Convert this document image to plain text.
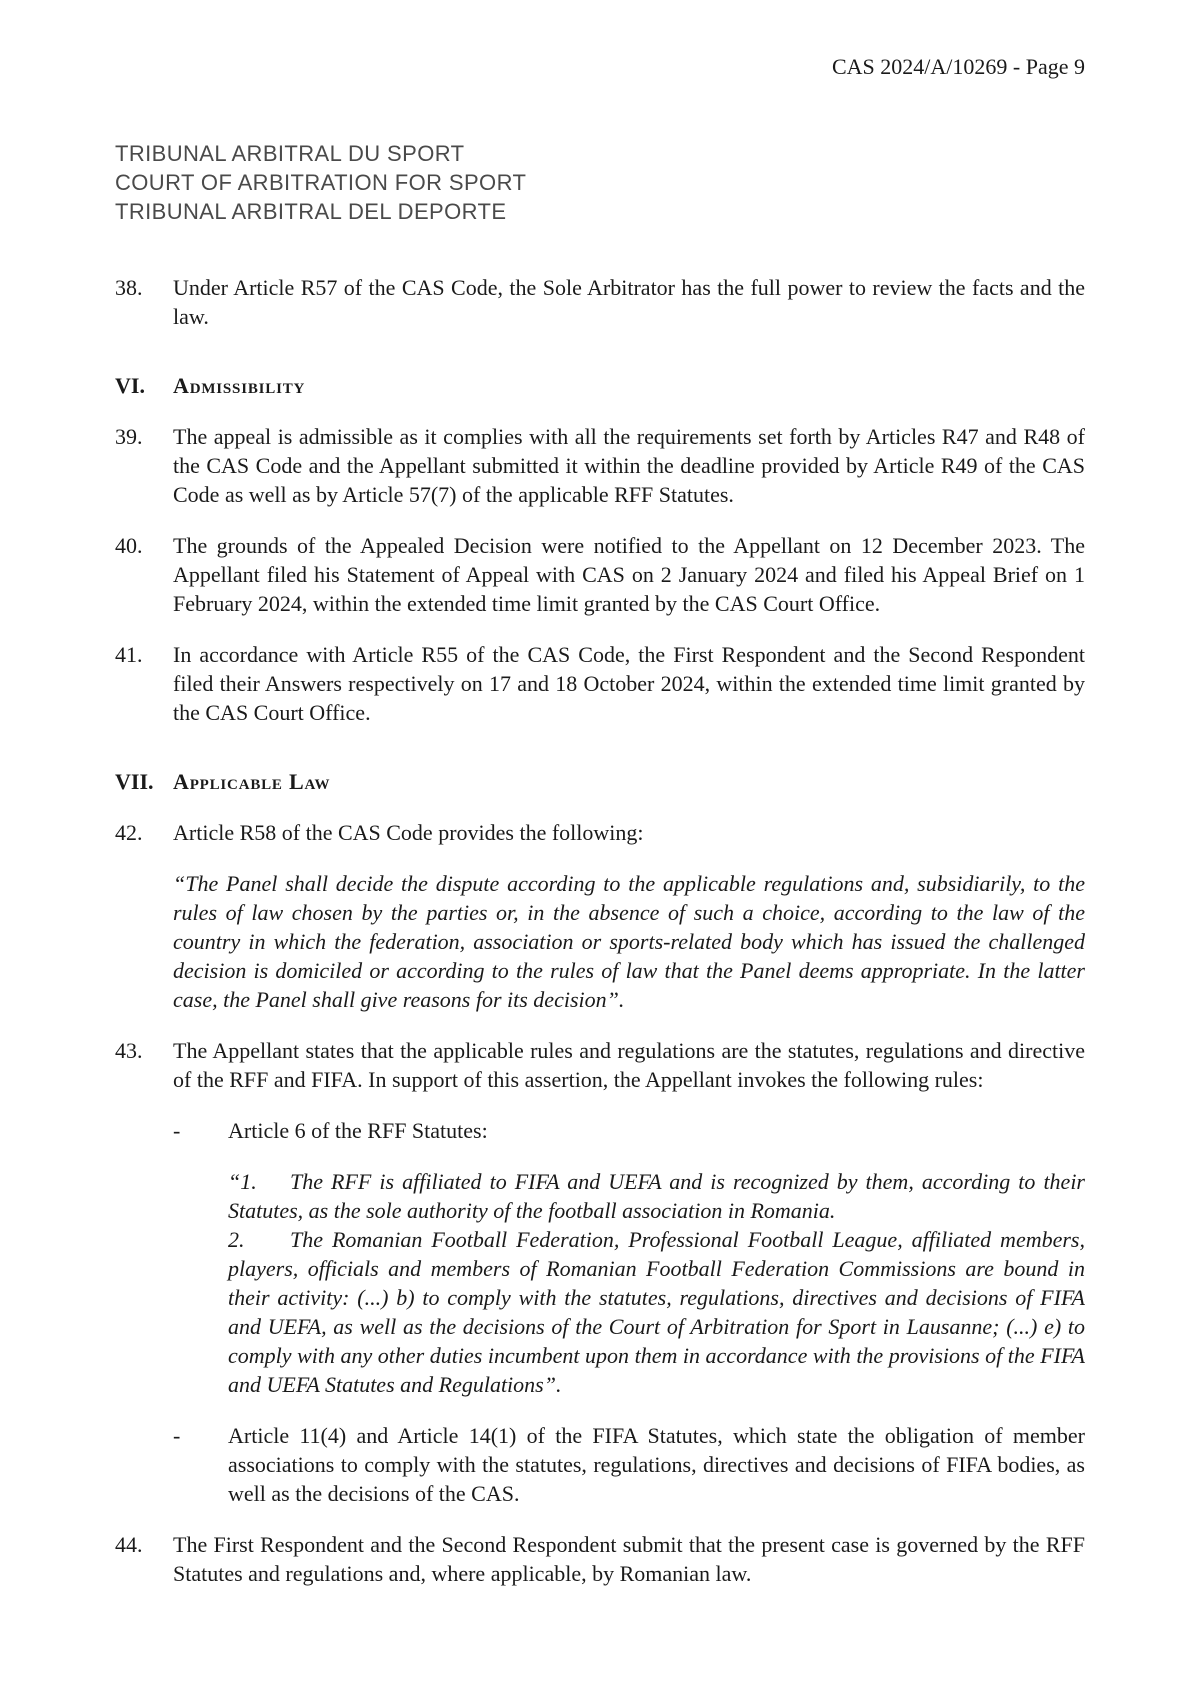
CAS 2024/A/10269 - Page 9
TRIBUNAL ARBITRAL DU SPORT
COURT OF ARBITRATION FOR SPORT
TRIBUNAL ARBITRAL DEL DEPORTE
38.	Under Article R57 of the CAS Code, the Sole Arbitrator has the full power to review the facts and the law.
VI.	Admissibility
39.	The appeal is admissible as it complies with all the requirements set forth by Articles R47 and R48 of the CAS Code and the Appellant submitted it within the deadline provided by Article R49 of the CAS Code as well as by Article 57(7) of the applicable RFF Statutes.
40.	The grounds of the Appealed Decision were notified to the Appellant on 12 December 2023. The Appellant filed his Statement of Appeal with CAS on 2 January 2024 and filed his Appeal Brief on 1 February 2024, within the extended time limit granted by the CAS Court Office.
41.	In accordance with Article R55 of the CAS Code, the First Respondent and the Second Respondent filed their Answers respectively on 17 and 18 October 2024, within the extended time limit granted by the CAS Court Office.
VII. Applicable Law
42.	Article R58 of the CAS Code provides the following:
“The Panel shall decide the dispute according to the applicable regulations and, subsidiarily, to the rules of law chosen by the parties or, in the absence of such a choice, according to the law of the country in which the federation, association or sports-related body which has issued the challenged decision is domiciled or according to the rules of law that the Panel deems appropriate. In the latter case, the Panel shall give reasons for its decision”.
43.	The Appellant states that the applicable rules and regulations are the statutes, regulations and directive of the RFF and FIFA. In support of this assertion, the Appellant invokes the following rules:
-	Article 6 of the RFF Statutes:

“1. The RFF is affiliated to FIFA and UEFA and is recognized by them, according to their Statutes, as the sole authority of the football association in Romania.

2. The Romanian Football Federation, Professional Football League, affiliated members, players, officials and members of Romanian Football Federation Commissions are bound in their activity: (...) b) to comply with the statutes, regulations, directives and decisions of FIFA and UEFA, as well as the decisions of the Court of Arbitration for Sport in Lausanne; (...) e) to comply with any other duties incumbent upon them in accordance with the provisions of the FIFA and UEFA Statutes and Regulations”.

-	Article 11(4) and Article 14(1) of the FIFA Statutes, which state the obligation of member associations to comply with the statutes, regulations, directives and decisions of FIFA bodies, as well as the decisions of the CAS.
44.	The First Respondent and the Second Respondent submit that the present case is governed by the RFF Statutes and regulations and, where applicable, by Romanian law.
